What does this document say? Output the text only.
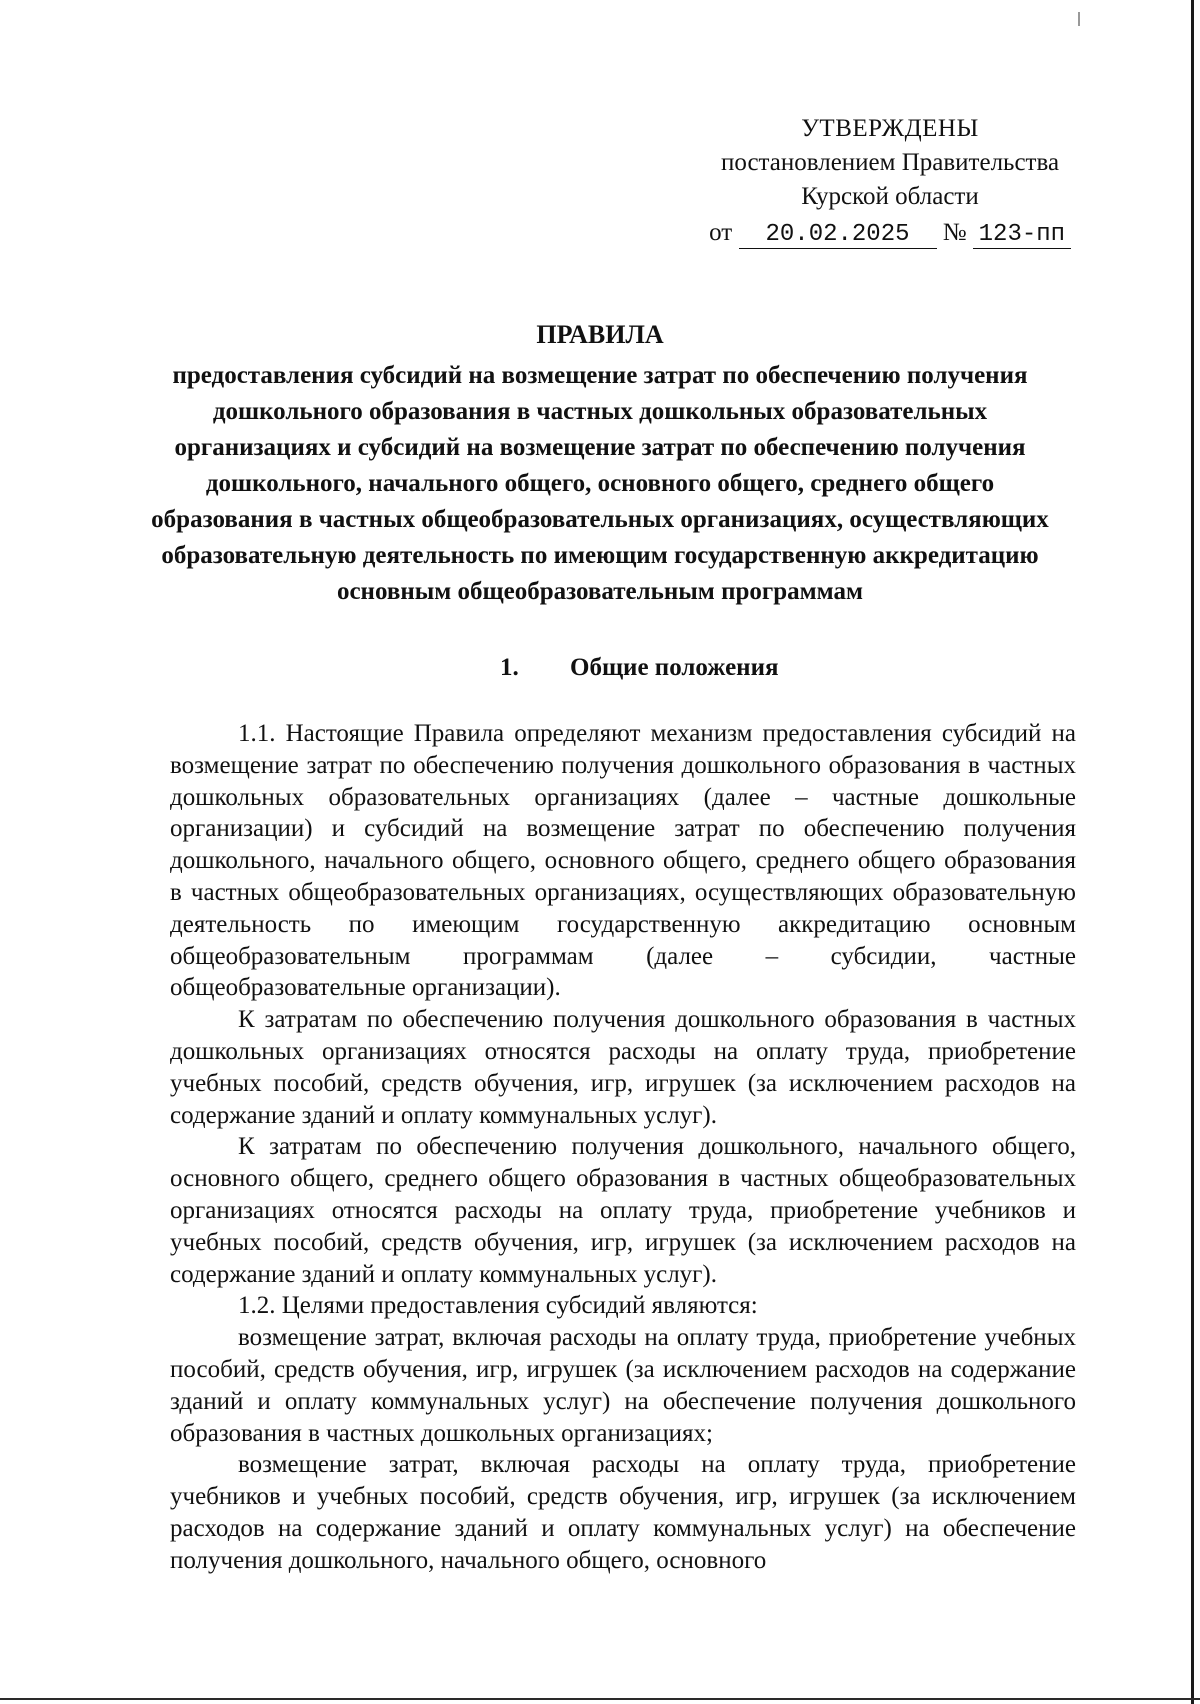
УТВЕРЖДЕНЫ
постановлением Правительства
Курской области
от 20.02.2025 № 123-пп
ПРАВИЛА
предоставления субсидий на возмещение затрат по обеспечению получения дошкольного образования в частных дошкольных образовательных организациях и субсидий на возмещение затрат по обеспечению получения дошкольного, начального общего, основного общего, среднего общего образования в частных общеобразовательных организациях, осуществляющих образовательную деятельность по имеющим государственную аккредитацию основным общеобразовательным программам
1. Общие положения

1.1. Настоящие Правила определяют механизм предоставления субсидий на возмещение затрат по обеспечению получения дошкольного образования в частных дошкольных образовательных организациях (далее – частные дошкольные организации) и субсидий на возмещение затрат по обеспечению получения дошкольного, начального общего, основного общего, среднего общего образования в частных общеобразовательных организациях, осуществляющих образовательную деятельность по имеющим государственную аккредитацию основным общеобразовательным программам (далее – субсидии, частные общеобразовательные организации).

К затратам по обеспечению получения дошкольного образования в частных дошкольных организациях относятся расходы на оплату труда, приобретение учебных пособий, средств обучения, игр, игрушек (за исключением расходов на содержание зданий и оплату коммунальных услуг).

К затратам по обеспечению получения дошкольного, начального общего, основного общего, среднего общего образования в частных общеобразовательных организациях относятся расходы на оплату труда, приобретение учебников и учебных пособий, средств обучения, игр, игрушек (за исключением расходов на содержание зданий и оплату коммунальных услуг).

1.2. Целями предоставления субсидий являются:

возмещение затрат, включая расходы на оплату труда, приобретение учебных пособий, средств обучения, игр, игрушек (за исключением расходов на содержание зданий и оплату коммунальных услуг) на обеспечение получения дошкольного образования в частных дошкольных организациях;

возмещение затрат, включая расходы на оплату труда, приобретение учебников и учебных пособий, средств обучения, игр, игрушек (за исключением расходов на содержание зданий и оплату коммунальных услуг) на обеспечение получения дошкольного, начального общего, основного
